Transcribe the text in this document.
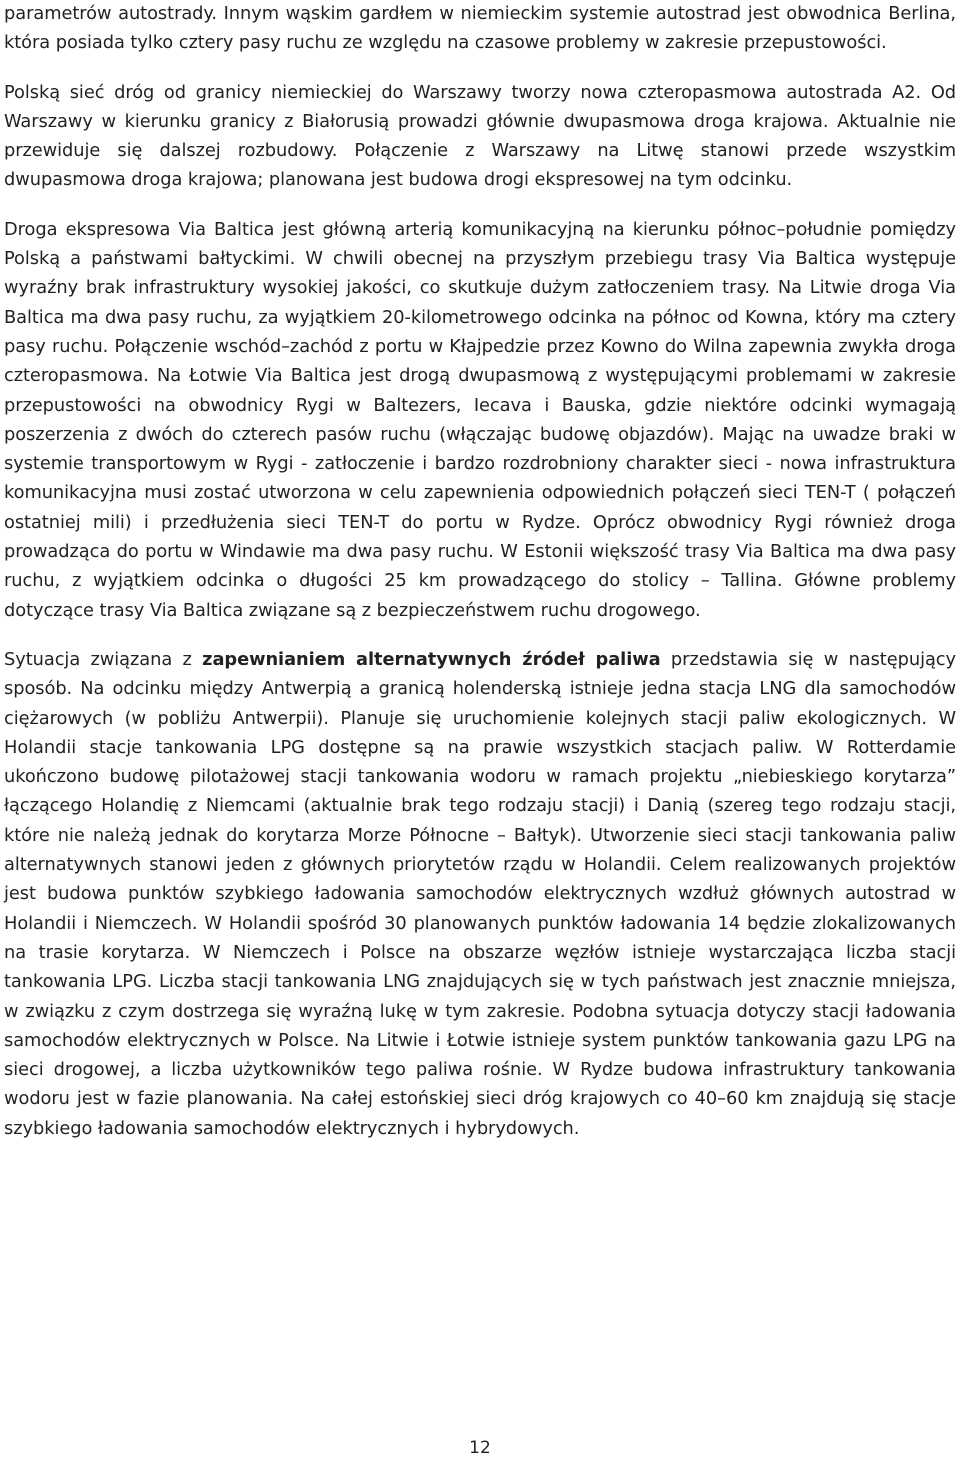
parametrów autostrady. Innym wąskim gardłem w niemieckim systemie autostrad jest obwodnica Berlina, która posiada tylko cztery pasy ruchu ze względu na czasowe problemy w zakresie przepustowości.

Polską sieć dróg od granicy niemieckiej do Warszawy tworzy nowa czteropasmowa autostrada A2. Od Warszawy w kierunku granicy z Białorusią prowadzi głównie dwupasmowa droga krajowa. Aktualnie nie przewiduje się dalszej rozbudowy. Połączenie z Warszawy na Litwę stanowi przede wszystkim dwupasmowa droga krajowa; planowana jest budowa drogi ekspresowej na tym odcinku.

Droga ekspresowa Via Baltica jest główną arterią komunikacyjną na kierunku północ–południe pomiędzy Polską a państwami bałtyckimi. W chwili obecnej na przyszłym przebiegu trasy Via Baltica występuje wyraźny brak infrastruktury wysokiej jakości, co skutkuje dużym zatłoczeniem trasy. Na Litwie droga Via Baltica ma dwa pasy ruchu, za wyjątkiem 20-kilometrowego odcinka na północ od Kowna, który ma cztery pasy ruchu. Połączenie wschód–zachód z portu w Kłajpedzie przez Kowno do Wilna zapewnia zwykła droga czteropasmowa. Na Łotwie Via Baltica jest drogą dwupasmową z występującymi problemami w zakresie przepustowości na obwodnicy Rygi w Baltezers, Iecava i Bauska, gdzie niektóre odcinki wymagają poszerzenia z dwóch do czterech pasów ruchu (włączając budowę objazdów). Mając na uwadze braki w systemie transportowym w Rygi - zatłoczenie i bardzo rozdrobniony charakter sieci - nowa infrastruktura komunikacyjna musi zostać utworzona w celu zapewnienia odpowiednich połączeń sieci TEN-T ( połączeń ostatniej mili) i przedłużenia sieci TEN-T do portu w Rydze. Oprócz obwodnicy Rygi również droga prowadząca do portu w Windawie ma dwa pasy ruchu. W Estonii większość trasy Via Baltica ma dwa pasy ruchu, z wyjątkiem odcinka o długości 25 km prowadzącego do stolicy – Tallina. Główne problemy dotyczące trasy Via Baltica związane są z bezpieczeństwem ruchu drogowego.

Sytuacja związana z zapewnianiem alternatywnych źródeł paliwa przedstawia się w następujący sposób. Na odcinku między Antwerpią a granicą holenderską istnieje jedna stacja LNG dla samochodów ciężarowych (w pobliżu Antwerpii). Planuje się uruchomienie kolejnych stacji paliw ekologicznych. W Holandii stacje tankowania LPG dostępne są na prawie wszystkich stacjach paliw. W Rotterdamie ukończono budowę pilotażowej stacji tankowania wodoru w ramach projektu „niebieskiego korytarza” łączącego Holandię z Niemcami (aktualnie brak tego rodzaju stacji) i Danią (szereg tego rodzaju stacji, które nie należą jednak do korytarza Morze Północne – Bałtyk). Utworzenie sieci stacji tankowania paliw alternatywnych stanowi jeden z głównych priorytetów rządu w Holandii. Celem realizowanych projektów jest budowa punktów szybkiego ładowania samochodów elektrycznych wzdłuż głównych autostrad w Holandii i Niemczech. W Holandii spośród 30 planowanych punktów ładowania 14 będzie zlokalizowanych na trasie korytarza. W Niemczech i Polsce na obszarze węzłów istnieje wystarczająca liczba stacji tankowania LPG. Liczba stacji tankowania LNG znajdujących się w tych państwach jest znacznie mniejsza, w związku z czym dostrzega się wyraźną lukę w tym zakresie. Podobna sytuacja dotyczy stacji ładowania samochodów elektrycznych w Polsce. Na Litwie i Łotwie istnieje system punktów tankowania gazu LPG na sieci drogowej, a liczba użytkowników tego paliwa rośnie. W Rydze budowa infrastruktury tankowania wodoru jest w fazie planowania. Na całej estońskiej sieci dróg krajowych co 40–60 km znajdują się stacje szybkiego ładowania samochodów elektrycznych i hybrydowych.

12
